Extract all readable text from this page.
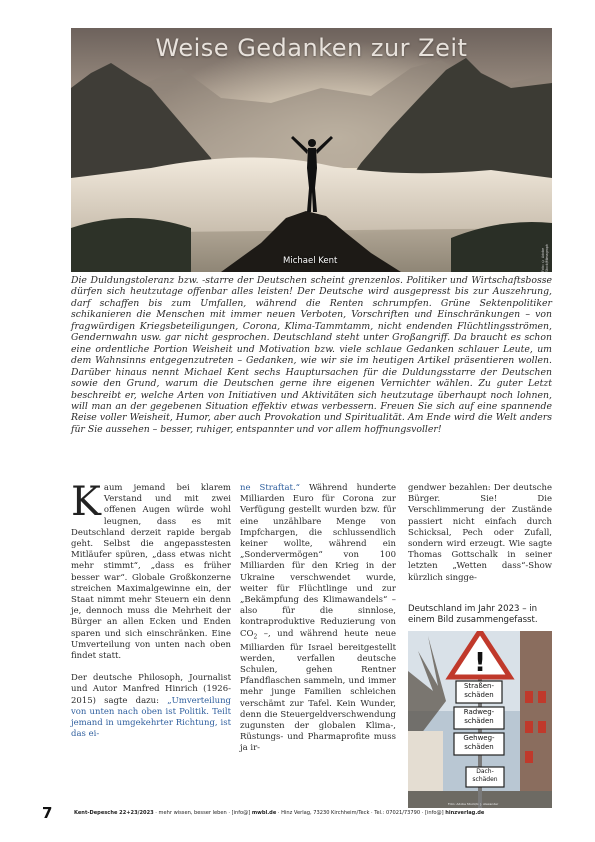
Weise Gedanken zur Zeit
Michael Kent	Foto: © Adobe Stock/Mimagraph

Die Duldungstoleranz bzw. -starre der Deutschen scheint grenzenlos. Politiker und Wirtschaftsbosse dürfen sich heutzutage offenbar alles leisten! Der Deutsche wird ausgepresst bis zur Auszehrung, darf schaffen bis zum Umfallen, während die Renten schrumpfen. Grüne Sektenpolitiker schikanieren die Menschen mit immer neuen Verboten, Vorschriften und Einschränkungen – von fragwürdigen Kriegsbeteiligungen, Corona, Klima-Tammtamm, nicht endenden Flüchtlingsströmen, Gendernwahn usw. gar nicht gesprochen. Deutschland steht unter Großangriff. Da braucht es schon eine ordentliche Portion Weisheit und Motivation bzw. viele schlaue Gedanken schlauer Leute, um dem Wahnsinns entgegenzutreten – Gedanken, wie wir sie im heutigen Artikel präsentieren wollen. Darüber hinaus nennt Michael Kent sechs Hauptursachen für die Duldungsstarre der Deutschen sowie den Grund, warum die Deutschen gerne ihre eigenen Vernichter wählen. Zu guter Letzt beschreibt er, welche Arten von Initiativen und Aktivitäten sich heutzutage überhaupt noch lohnen, will man an der gegebenen Situation effektiv etwas verbessern. Freuen Sie sich auf eine spannende Reise voller Weisheit, Humor, aber auch Provokation und Spiritualität. Am Ende wird die Welt anders für Sie aussehen – besser, ruhiger, entspannter und vor allem hoffnungsvoller!

Kaum jemand bei klarem Verstand und mit zwei offenen Augen würde wohl leugnen, dass es mit Deutschland derzeit rapide bergab geht. Selbst die angepasstesten Mitläufer spüren, „dass etwas nicht mehr stimmt“, „dass es früher besser war“. Globale Großkonzerne streichen Maximalgewinne ein, der Staat nimmt mehr Steuern ein denn je, dennoch muss die Mehrheit der Bürger an allen Ecken und Enden sparen und sich einschränken. Eine Umverteilung von unten nach oben findet statt.

Der deutsche Philosoph, Journalist und Autor Manfred Hinrich (1926-2015) sagte dazu: „Umverteilung von unten nach oben ist Politik. Teilt jemand in umgekehrter Richtung, ist das ei-

ne Straftat.“ Während hunderte Milliarden Euro für Corona zur Verfügung gestellt wurden bzw. für eine unzählbare Menge von Impfchargen, die schlussendlich keiner wollte, während ein „Sondervermögen“ von 100 Milliarden für den Krieg in der Ukraine verschwendet wurde, weiter für Flüchtlinge und zur „Bekämpfung des Klimawandels“ – also für die sinnlose, kontraproduktive Reduzierung von $CO_2$ –, und während heute neue Milliarden für Israel bereitgestellt werden, verfallen deutsche Schulen, gehen Rentner Pfandflaschen sammeln, und immer mehr junge Familien schleichen verschämt zur Tafel. Kein Wunder, denn die Steuergeldverschwendung zugunsten der globalen Klima-, Rüstungs- und Pharmaprofite muss ja ir-

gendwer bezahlen: Der deutsche Bürger. Sie! Die Verschlimmerung der Zustände passiert nicht einfach durch Schicksal, Pech oder Zufall, sondern wird erzeugt. Wie sagte Thomas Gottschalk in seiner letzten „Wetten dass“-Show kürzlich singge-

Deutschland im Jahr 2023 – in einem Bild zusammengefasst.
!
Straßen-
schäden
Radweg-
schäden
Gehweg-
schäden
Dach-
schäden
Foto: Adobe Stock/U. J. Alexander
7	Kent-Depesche 22+23/2023 · mehr wissen, besser leben · [info@] mwbl.de · Hinz Verlag, 73230 Kirchheim/Teck · Tel.: 07021/73790 · [info@] hinzverlag.de
